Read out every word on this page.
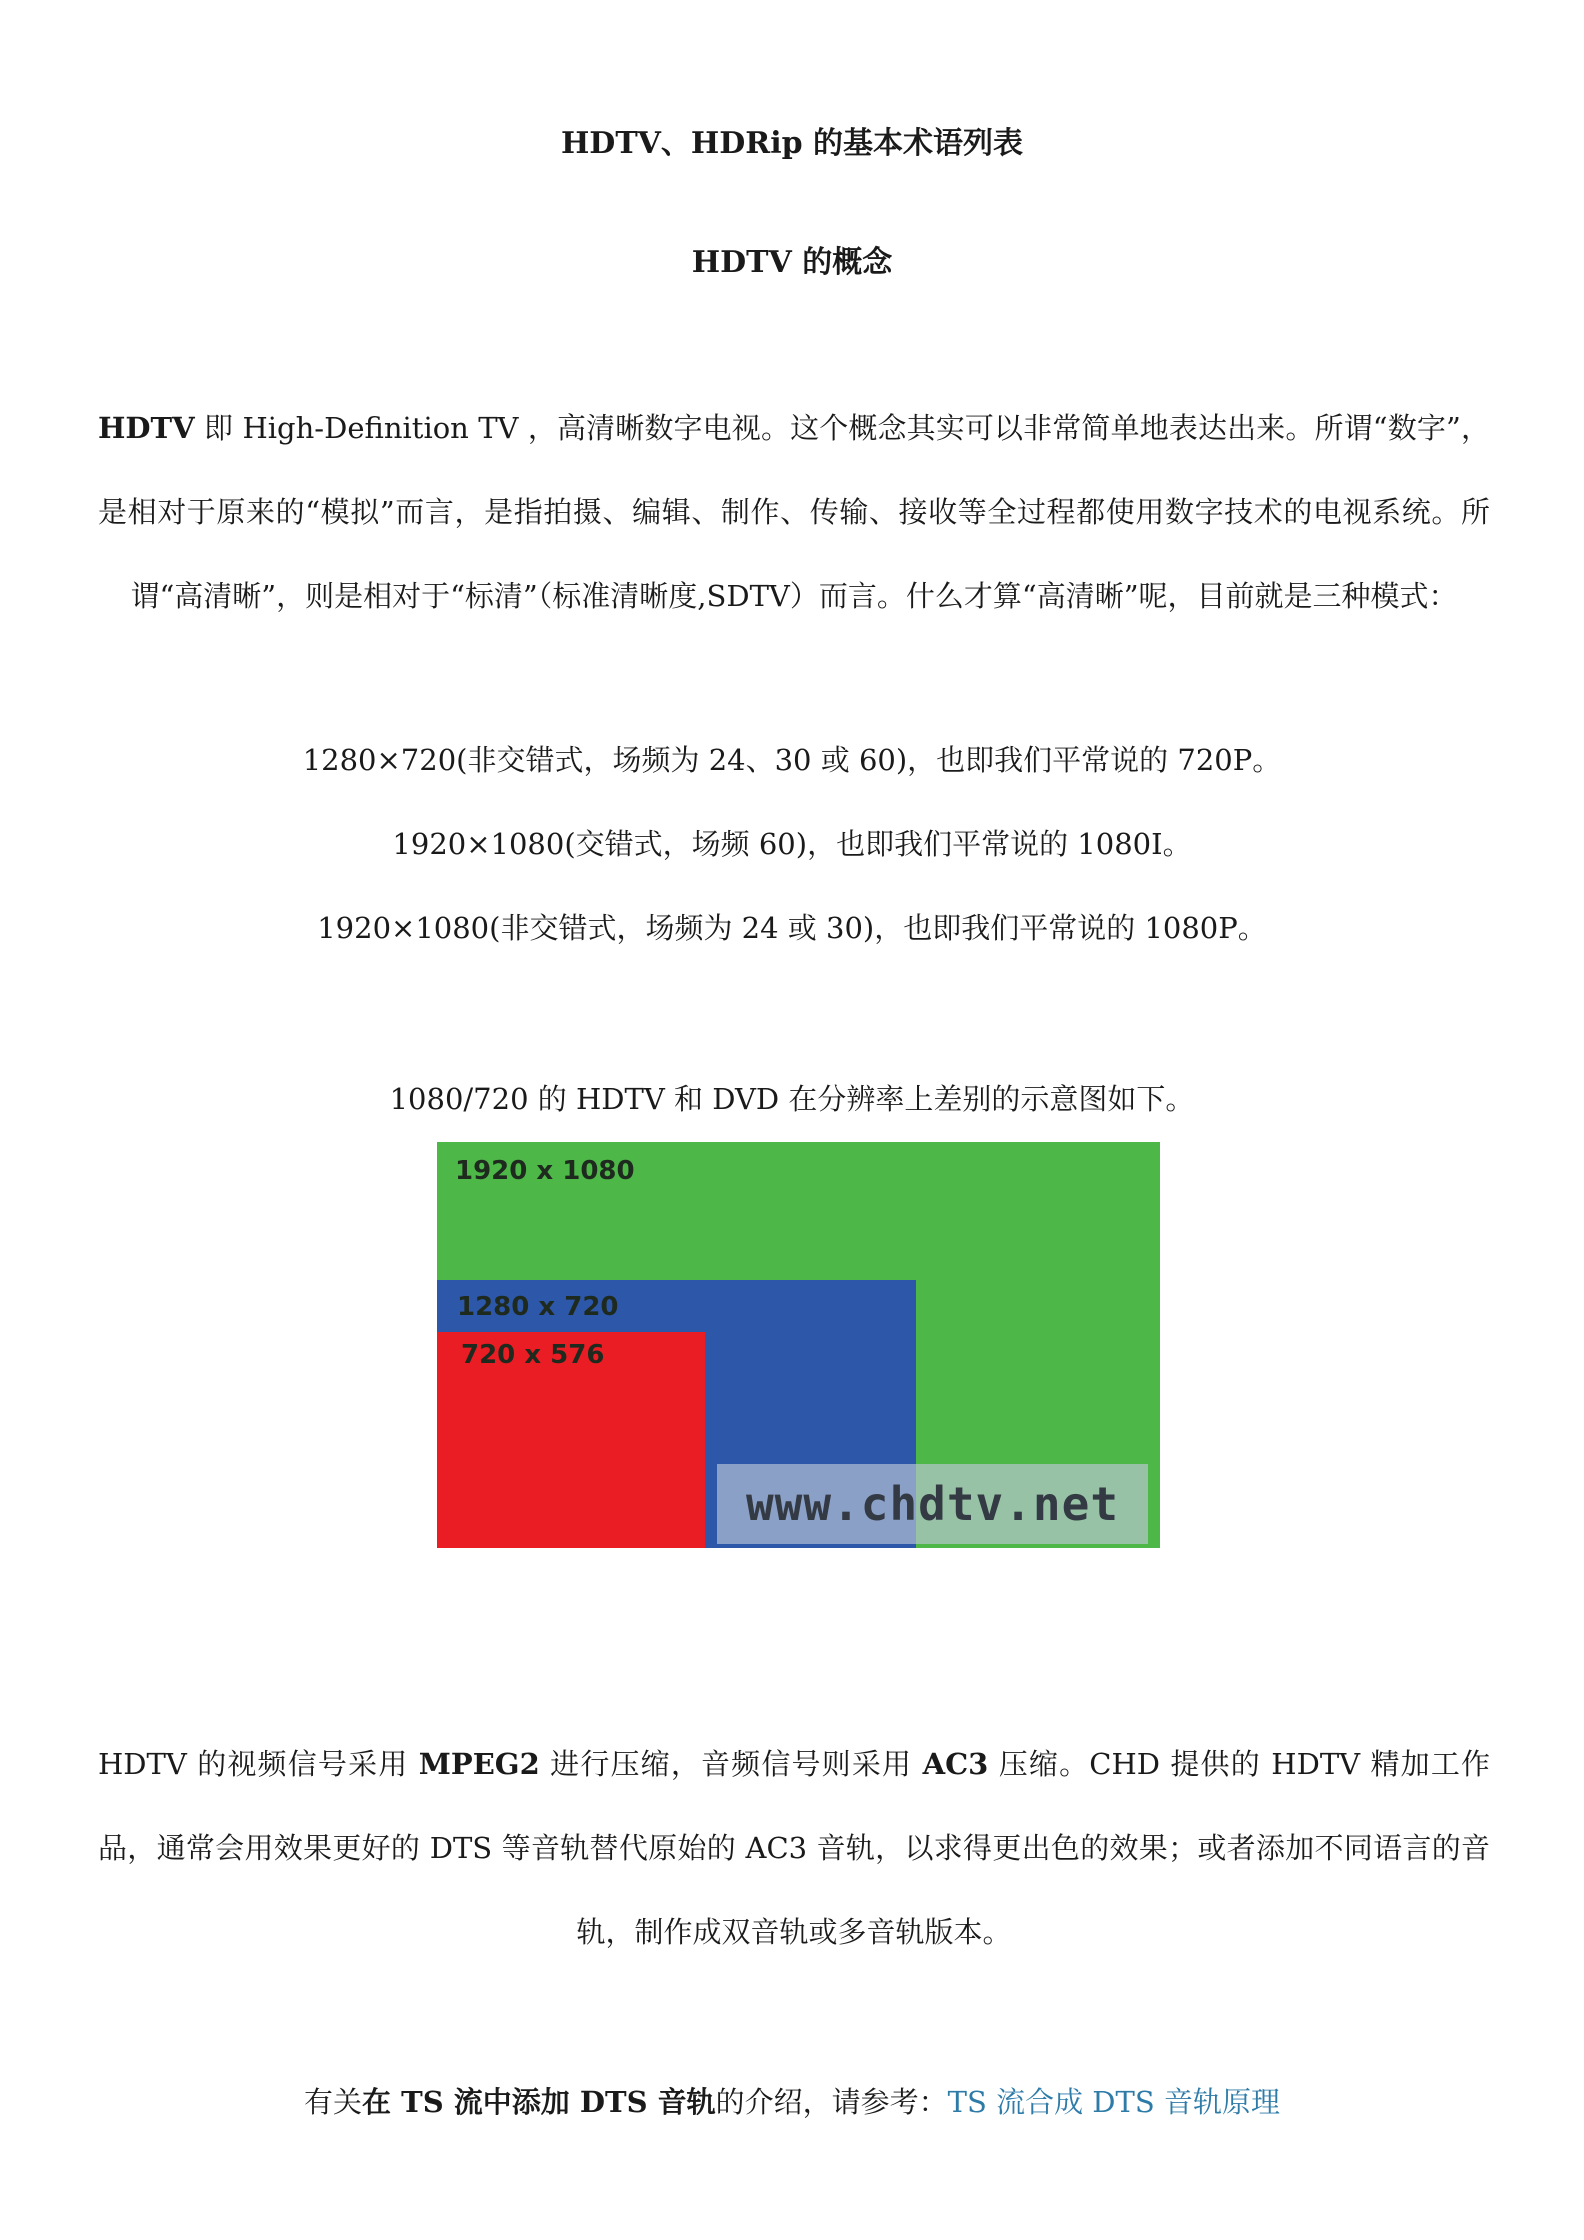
HDTV、HDRip 的基本术语列表
HDTV 的概念
HDTV 即 High-Definition TV ，高清晰数字电视。这个概念其实可以非常简单地表达出来。所谓“数字”，是相对于原来的“模拟”而言，是指拍摄、编辑、制作、传输、接收等全过程都使用数字技术的电视系统。所谓“高清晰”，则是相对于“标清”（标准清晰度,SDTV）而言。什么才算“高清晰”呢，目前就是三种模式：
1280×720(非交错式，场频为 24、30 或 60)，也即我们平常说的 720P。
1920×1080(交错式，场频 60)，也即我们平常说的 1080I。
1920×1080(非交错式，场频为 24 或 30)，也即我们平常说的 1080P。
1080/720 的 HDTV 和 DVD 在分辨率上差别的示意图如下。
1920 x 1080
1280 x 720
720 x 576
www.chdtv.net
HDTV 的视频信号采用 MPEG2 进行压缩，音频信号则采用 AC3 压缩。CHD 提供的 HDTV 精加工作品，通常会用效果更好的 DTS 等音轨替代原始的 AC3 音轨，以求得更出色的效果；或者添加不同语言的音轨，制作成双音轨或多音轨版本。
有关在 TS 流中添加 DTS 音轨的介绍，请参考：TS 流合成 DTS 音轨原理
